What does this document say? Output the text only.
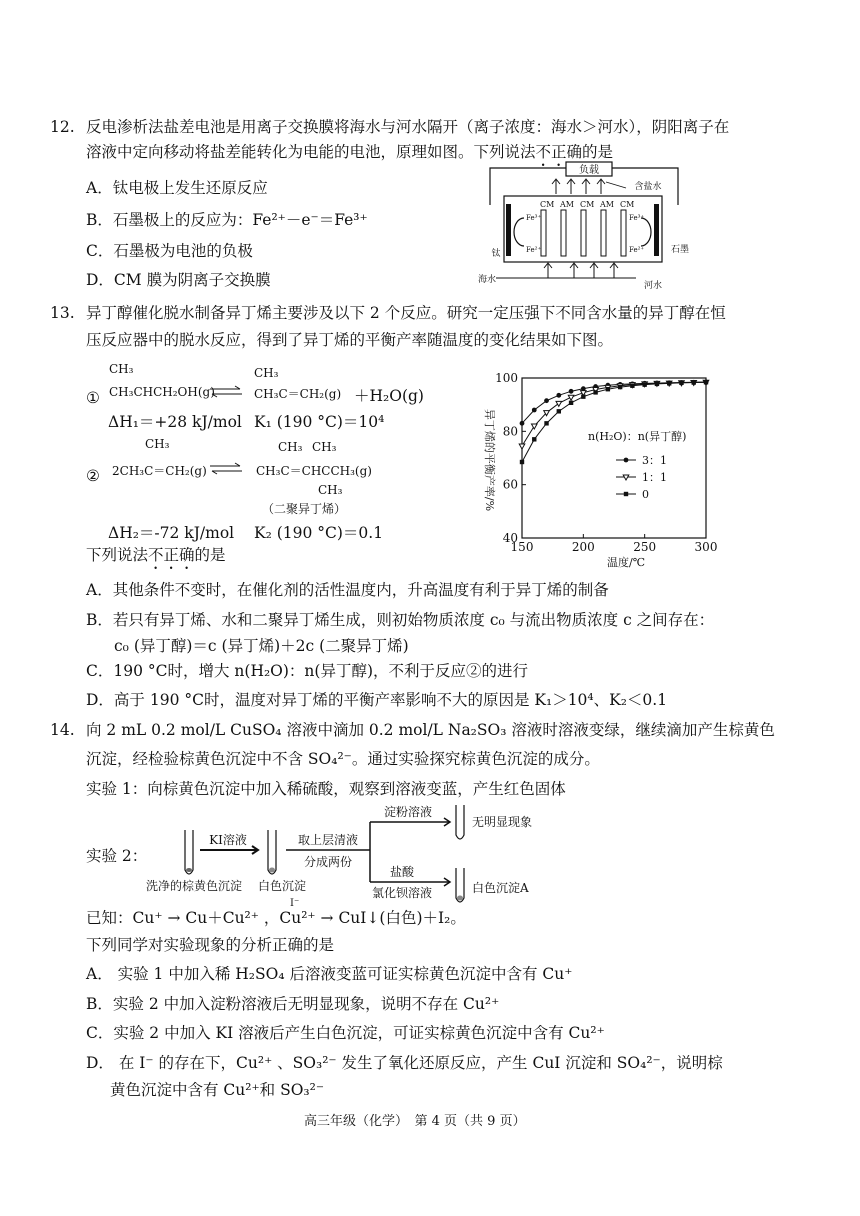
12. 反电渗析法盐差电池是用离子交换膜将海水与河水隔开（离子浓度：海水＞河水），阴阳离子在
溶液中定向移动将盐差能转化为电能的电池，原理如图。下列说法不正确的是
A．钛电极上发生还原反应
B．石墨极上的反应为：Fe²⁺－e⁻＝Fe³⁺
C．石墨极为电池的负极
D．CM 膜为阴离子交换膜
负载
含盐水
CM AM CM AM CM
Fe³⁺
Fe²⁺
Fe³⁺
Fe²⁺
钛	石墨
海水
河水
13. 异丁醇催化脱水制备异丁烯主要涉及以下 2 个反应。研究一定压强下不同含水量的异丁醇在恒
压反应器中的脱水反应，得到了异丁烯的平衡产率随温度的变化结果如下图。
CH₃	CH₃
① CH₃CHCH₂OH(g)	CH₃C＝CH₂(g) ＋H₂O(g)
ΔH₁＝+28 kJ/mol K₁ (190 °C)＝10⁴
CH₃	CH₃ CH₃
② 2CH₃C＝CH₂(g)	CH₃C＝CHCCH₃(g)
CH₃
（二聚异丁烯）
ΔH₂＝-72 kJ/mol K₂ (190 °C)＝0.1
下列说法不正确的是	150	200	250	300
40
60
80
100
异丁烯的平衡产率/%
温度/℃
n(H₂O)：n(异丁醇)
3：1
1：1
0
A．其他条件不变时，在催化剂的活性温度内，升高温度有利于异丁烯的制备
B．若只有异丁烯、水和二聚异丁烯生成，则初始物质浓度 c₀ 与流出物质浓度 c 之间存在：
c₀ (异丁醇)＝c (异丁烯)＋2c (二聚异丁烯)
C．190 °C时，增大 n(H₂O)：n(异丁醇)，不利于反应②的进行
D．高于 190 °C时，温度对异丁烯的平衡产率影响不大的原因是 K₁＞10⁴、K₂＜0.1
14. 向 2 mL 0.2 mol/L CuSO₄ 溶液中滴加 0.2 mol/L Na₂SO₃ 溶液时溶液变绿，继续滴加产生棕黄色
沉淀，经检验棕黄色沉淀中不含 SO₄²⁻。通过实验探究棕黄色沉淀的成分。
实验 1：向棕黄色沉淀中加入稀硫酸，观察到溶液变蓝，产生红色固体
实验 2：
KI溶液	取上层清液
分成两份
淀粉溶液
盐酸
氯化钡溶液
无明显现象
白色沉淀A
洗净的棕黄色沉淀 白色沉淀
I⁻
已知：Cu⁺ → Cu＋Cu²⁺ ，Cu²⁺ → CuI↓(白色)＋I₂。
下列同学对实验现象的分析正确的是
A． 实验 1 中加入稀 H₂SO₄ 后溶液变蓝可证实棕黄色沉淀中含有 Cu⁺
B．实验 2 中加入淀粉溶液后无明显现象，说明不存在 Cu²⁺
C．实验 2 中加入 KI 溶液后产生白色沉淀，可证实棕黄色沉淀中含有 Cu²⁺
D． 在 I⁻ 的存在下，Cu²⁺ 、SO₃²⁻ 发生了氧化还原反应，产生 CuI 沉淀和 SO₄²⁻，说明棕
黄色沉淀中含有 Cu²⁺和 SO₃²⁻
高三年级（化学）　第 4 页（共 9 页）
